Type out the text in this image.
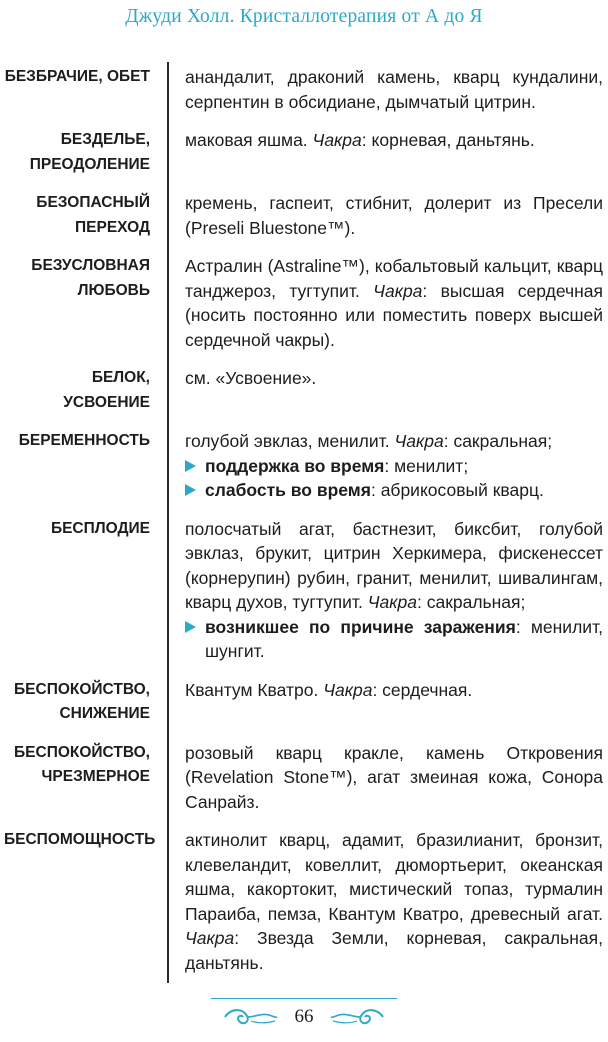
Джуди Холл. Кристаллотерапия от А до Я
БЕЗБРАЧИЕ, ОБЕТ анандалит, драконий камень, кварц кундалини, серпентин в обсидиане, дымчатый цитрин.

БЕЗДЕЛЬЕ,
ПРЕОДОЛЕНИЕ

маковая яшма. Чакра: корневая, даньтянь.

БЕЗОПАСНЫЙ
ПЕРЕХОД

кремень, гаспеит, стибнит, долерит из Пресели (Preseli Bluestone™).

БЕЗУСЛОВНАЯ
ЛЮБОВЬ

Астралин (Astraline™), кобальтовый кальцит, кварц танджероз, тугтупит. Чакра: высшая сердечная (носить постоянно или поместить поверх высшей сердечной чакры).

БЕЛОК,
УСВОЕНИЕ

см. «Усвоение».

БЕРЕМЕННОСТЬ голубой эвклаз, менилит. Чакра: сакральная;

поддержка во время: менилит;

слабость во время: абрикосовый кварц.

БЕСПЛОДИЕ полосчатый агат, бастнезит, биксбит, голубой эвклаз, брукит, цитрин Херкимера, фискенессет (корнерупин) рубин, гранит, менилит, шивалингам, кварц духов, тугтупит. Чакра: сакральная;

возникшее по причине заражения: менилит, шунгит.

БЕСПОКОЙСТВО,
СНИЖЕНИЕ

Квантум Кватро. Чакра: сердечная.

БЕСПОКОЙСТВО,
ЧРЕЗМЕРНОЕ

розовый кварц кракле, камень Откровения (Revelation Stone™), агат змеиная кожа, Сонора Санрайз.

БЕСПОМОЩНОСТЬ актинолит кварц, адамит, бразилианит, бронзит, клевеландит, ковеллит, дюмортьерит, океанская яшма, какортокит, мистический топаз, турмалин Параиба, пемза, Квантум Кватро, древесный агат. Чакра: Звезда Земли, корневая, сакральная, даньтянь.

66
